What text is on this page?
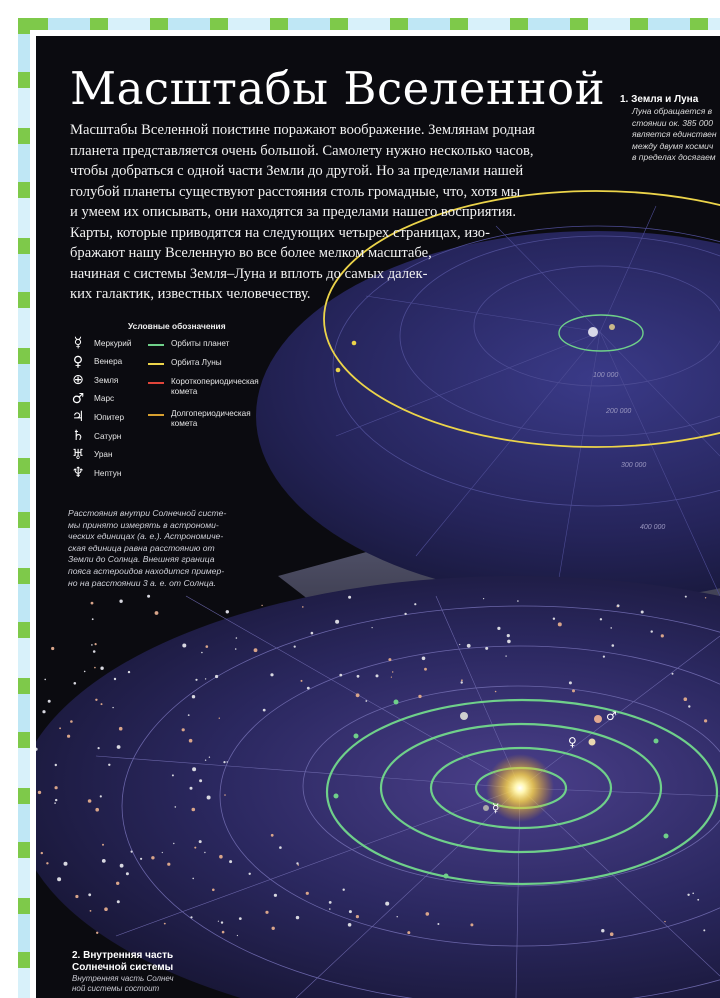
Масштабы Вселенной
Масштабы Вселенной поистине поражают воображение. Землянам родная
планета представляется очень большой. Самолету нужно несколько часов,
чтобы добраться с одной части Земли до другой. Но за пределами нашей
голубой планеты существуют расстояния столь громадные, что, хотя мы
и умеем их описывать, они находятся за пределами нашего восприятия.
Карты, которые приводятся на следующих четырех страницах, изо-
бражают нашу Вселенную во все более мелком масштабе,
начиная с системы Земля–Луна и вплоть до самых далек-
ких галактик, известных человечеству.
1. Земля и Луна
Луна обращается в
стоянии ок. 385 000
является единствен
между двумя космич
в пределах досягаем
Условные обозначения
☿	Меркурий
♀	Венера
⊕	Земля
♂	Марс
♃	Юпитер
♄	Сатурн
♅	Уран
♆	Нептун
Орбиты планет
Орбита Луны
Короткопериодическая
комета
Долгопериодическая
комета
Расстояния внутри Солнечной систе-
мы принято измерять в астрономи-
ческих единицах (а. е.). Астрономиче-
ская единица равна расстоянию от
Земли до Солнца. Внешняя граница
пояса астероидов находится пример-
но на расстоянии 3 а. е. от Солнца.
100 000
200 000
300 000
400 000
♂
♀
☿
2. Внутренняя часть
Солнечной системы
Внутренняя часть Солнеч
ной системы состоит
